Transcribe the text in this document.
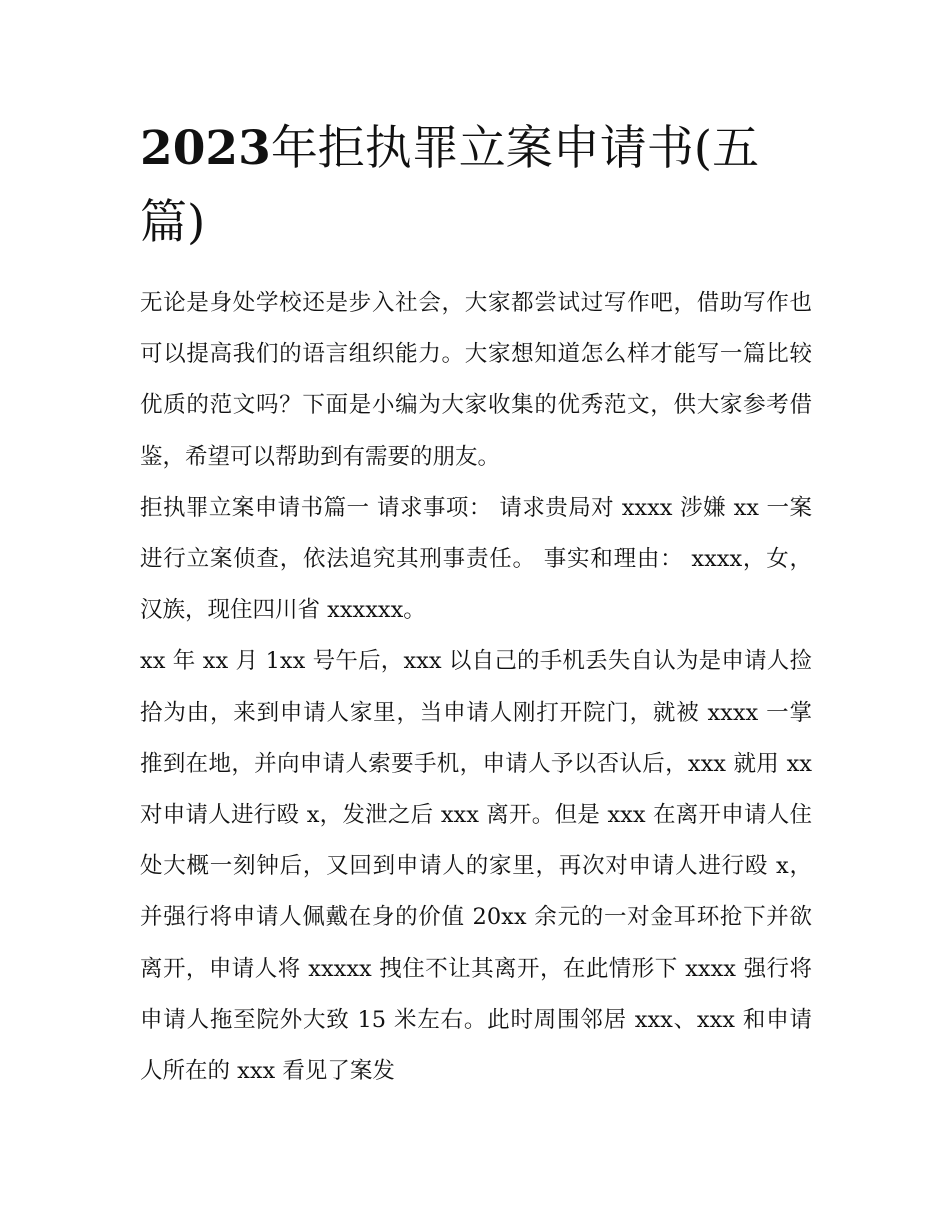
2023年拒执罪立案申请书(五篇)

无论是身处学校还是步入社会，大家都尝试过写作吧，借助写作也可以提高我们的语言组织能力。大家想知道怎么样才能写一篇比较优质的范文吗？下面是小编为大家收集的优秀范文，供大家参考借鉴，希望可以帮助到有需要的朋友。

拒执罪立案申请书篇一 请求事项： 请求贵局对 xxxx 涉嫌 xx 一案进行立案侦查，依法追究其刑事责任。 事实和理由： xxxx，女，汉族，现住四川省 xxxxxx。

xx 年 xx 月 1xx 号午后，xxx 以自己的手机丢失自认为是申请人捡拾为由，来到申请人家里，当申请人刚打开院门，就被 xxxx 一掌推到在地，并向申请人索要手机，申请人予以否认后，xxx 就用 xx 对申请人进行殴 x，发泄之后 xxx 离开。但是 xxx 在离开申请人住处大概一刻钟后，又回到申请人的家里，再次对申请人进行殴 x，并强行将申请人佩戴在身的价值 20xx 余元的一对金耳环抢下并欲离开，申请人将 xxxxx 拽住不让其离开，在此情形下 xxxx 强行将申请人拖至院外大致 15 米左右。此时周围邻居 xxx、xxx 和申请人所在的 xxx 看见了案发
